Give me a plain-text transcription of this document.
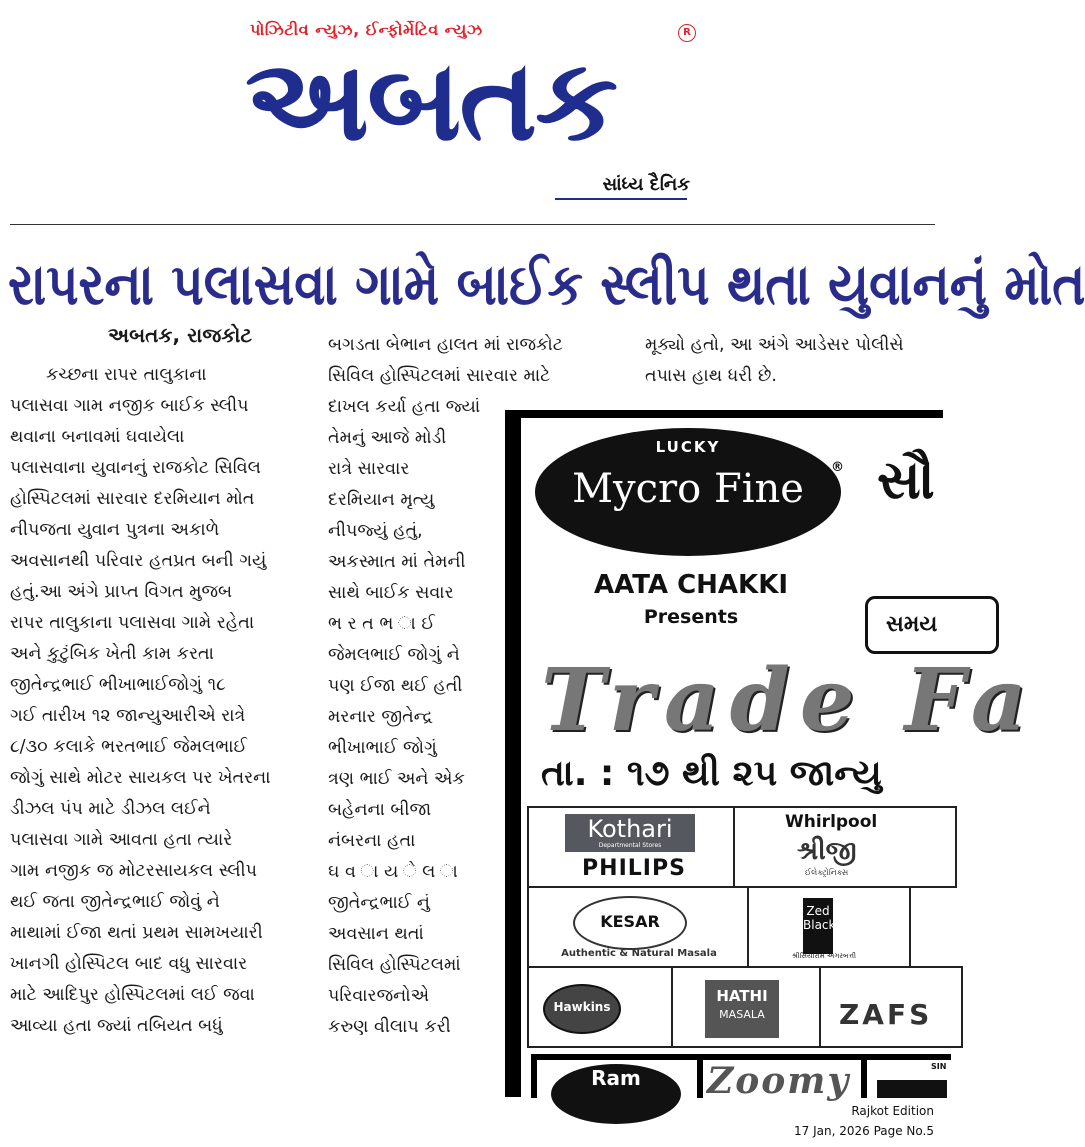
પોઝિટીવ ન્યુઝ, ઈન્ફોર્મેટિવ ન્યુઝ	R
અબતક
સાંધ્ય દૈનિક
રાપરના પલાસવા ગામે બાઈક સ્લીપ થતા યુવાનનું મોત
અબતક, રાજકોટ

કચ્છના રાપર તાલુકાના

પલાસવા ગામ નજીક બાઈક સ્લીપ

થવાના બનાવમાં ઘવાયેલા

પલાસવાના યુવાનનું રાજકોટ સિવિલ

હોસ્પિટલમાં સારવાર દરમિયાન મોત

નીપજતા યુવાન પુત્રના અકાળે

અવસાનથી પરિવાર હતપ્રત બની ગયું

હતું.આ અંગે પ્રાપ્ત વિગત મુજબ

રાપર તાલુકાના પલાસવા ગામે રહેતા

અને કુટુંબિક ખેતી કામ કરતા

જીતેન્દ્રભાઈ ભીખાભાઈજોગું ૧૮

ગઈ તારીખ ૧૨ જાન્યુઆરીએ રાત્રે

૮/૩૦ કલાકે ભરતભાઈ જેમલભાઈ

જોગું સાથે મોટર સાયકલ પર ખેતરના

ડીઝલ પંપ માટે ડીઝલ લઈને

પલાસવા ગામે આવતા હતા ત્યારે

ગામ નજીક જ મોટરસાયકલ સ્લીપ

થઈ જતા જીતેન્દ્રભાઈ જોવું ને

માથામાં ઈજા થતાં પ્રથમ સામખયારી

ખાનગી હોસ્પિટલ બાદ વધુ સારવાર

માટે આદિપુર હોસ્પિટલમાં લઈ જવા

આવ્યા હતા જ્યાં તબિયત બધું

બગડતા બેભાન હાલત માં રાજકોટ

સિવિલ હોસ્પિટલમાં સારવાર માટે

દાખલ કર્યા હતા જ્યાં

તેમનું આજે મોડી

રાત્રે સારવાર

દરમિયાન મૃત્યુ

નીપજ્યું હતું,

અકસ્માત માં તેમની

સાથે બાઈક સવાર

ભ ર ત ભ ા ઈ

જેમલભાઈ જોગું ને

પણ ઈજા થઈ હતી

મરનાર જીતેન્દ્ર

ભીખાભાઈ જોગું

ત્રણ ભાઈ અને એક

બહેનના બીજા

નંબરના હતા

ઘ વ ા ય ે લ ા

જીતેન્દ્રભાઈ નું

અવસાન થતાં

સિવિલ હોસ્પિટલમાં

પરિવારજનોએ

કરુણ વીલાપ કરી

મૂક્યો હતો, આ અંગે આડેસર પોલીસે

તપાસ હાથ ધરી છે.

LUCKY
Mycro Fine	®
AATA CHAKKI
Presents
સૌ
સમય
Trade Fa
તા. : ૧૭ થી ૨૫ જાન્યુ
Kothari
Departmental Stores
PHILIPS
Whirlpool
શ્રીજી
ઈલેક્ટ્રોનિક્સ
KESAR
Authentic & Natural Masala
Zed Black
શ્રીસિયારામ અગરબત્તી
Hawkins
HATHI
MASALA	ZAFS
Ram	Zoomy	SIN
Rajkot Edition
17 Jan, 2026 Page No.5
